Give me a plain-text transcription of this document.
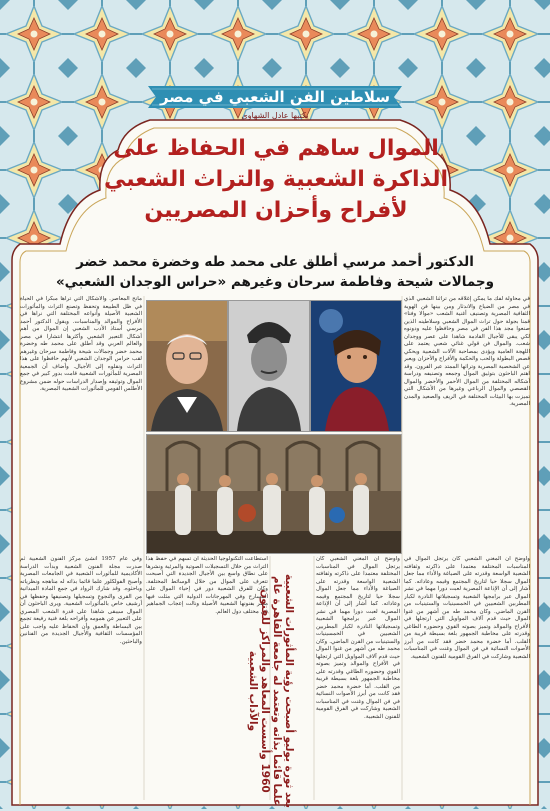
سلاطين الفن الشعبي في مصر
يكتبها عادل الشهاوي
الموال ساهم في الحفاظ على
الذاكرة الشعبية والتراث الشعبي
لأفراح وأحزان المصريين
الدكتور أحمد مرسي أطلق على محمد طه وخضرة محمد خضر
وجمالات شيحة وفاطمة سرحان وغيرهم «حراس الوجدان الشعبي»
في محاولة لفك ما يمكن إغلاقه من تراثنا الشعبي الذي في مصر من الضياع والاندثار ومن بينها فن الهوية الثقافية المصرية وتصنيف أغنية الشعب «موالا وفنا» قمنا بجولة حول تراث الموال الشعبي وسلاطينه الذين صنعوا مجد هذا الفن في مصر وحافظوا عليه ودونوه لكي يبقى للأجيال القادمة شاهدا على عصر ووجدان شعب. والموال فن قولي غنائي شعبي يعتمد على اللهجة العامية ويؤدى بمصاحبة الآلات الشعبية ويحكي قصص البطولة والحب والحكمة والأفراح والأحزان ويعبر عن الشخصية المصرية وتراثها الممتد عبر القرون. وقد اهتم الباحثون بتوثيق الموال وجمعه وتصنيفه ودراسة أشكاله المختلفة من الموال الأحمر والأخضر والموال القصصي والموال الرباعي وغيرها من الأشكال التي تميزت بها البيئات المختلفة في الريف والصعيد والمدن المصرية.
مانح المعاصر. والأشكال التي تراها مبكرا في الحياة في ظل الطبيعة وتحفظ وتصنع التراث والمأثورات الشعبية الأصيلة وأنواعه المختلفة التي نراها في الأفراح والموالد والمناسبات. ويقول الدكتور أحمد مرسي أستاذ الأدب الشعبي إن الموال من أهم أشكال التعبير الشعبي وأكثرها انتشارا في مصر والعالم العربي وقد أطلق على محمد طه وخضرة محمد خضر وجمالات شيحة وفاطمة سرحان وغيرهم لقب حراس الوجدان الشعبي لأنهم حافظوا على هذا التراث ونقلوه إلى الأجيال. وأضاف أن الجمعية المصرية للمأثورات الشعبية قامت بدور كبير في جمع الموال وتوثيقه وإصدار الدراسات حوله ضمن مشروع الأطلس القومي للمأثورات الشعبية المصرية.
وأوضح أن المغني الشعبي كان يرتجل الموال في المناسبات المختلفة معتمدا على ذاكرته وثقافته الشعبية الواسعة وقدرته على الصياغة والأداء مما جعل الموال سجلا حيا لتاريخ المجتمع وقيمه وعاداته. كما أشار إلى أن الإذاعة المصرية لعبت دورا مهما في نشر الموال عبر برامجها الشعبية وتسجيلاتها النادرة لكبار المطربين الشعبيين في الخمسينيات والستينيات من القرن الماضي. وكان محمد طه من أشهر من غنوا الموال حيث قدم آلاف المواويل التي ارتجلها في الأفراح والموالد وتميز بصوته القوي وحضوره الطاغي وقدرته على مخاطبة الجمهور بلغة بسيطة قريبة من القلب. أما خضرة محمد خضر فقد كانت من أبرز الأصوات النسائية في فن الموال وغنت في المناسبات الشعبية وشاركت في الفرق القومية للفنون الشعبية.
استطاعت التكنولوجيا الحديثة أن تسهم في حفظ هذا التراث من خلال التسجيلات الصوتية والمرئية ونشرها على نطاق واسع بين الأجيال الجديدة التي أصبحت تتعرف على الموال من خلال الوسائط المختلفة. وكان للفرق الشعبية دور في إحياء الموال على المسارح وفي المهرجانات الدولية التي مثلت فيها مصر بفنونها الشعبية الأصيلة ونالت إعجاب الجماهير في مختلف دول العالم.
وأوضح أن المغني الشعبي كان يرتجل الموال في المناسبات المختلفة معتمدا على ذاكرته وثقافته الشعبية الواسعة وقدرته على الصياغة والأداء مما جعل الموال سجلا حيا لتاريخ المجتمع وقيمه وعاداته. كما أشار إلى أن الإذاعة المصرية لعبت دورا مهما في نشر الموال عبر برامجها الشعبية وتسجيلاتها النادرة لكبار المطربين الشعبيين في الخمسينيات والستينيات من القرن الماضي. وكان محمد طه من أشهر من غنوا الموال حيث قدم آلاف المواويل التي ارتجلها في الأفراح والموالد وتميز بصوته القوي وحضوره الطاغي وقدرته على مخاطبة الجمهور بلغة بسيطة قريبة من القلب. أما خضرة محمد خضر فقد كانت من أبرز الأصوات النسائية في فن الموال وغنت في المناسبات الشعبية وشاركت في الفرق القومية للفنون الشعبية.
وفي عام 1957 أنشئ مركز الفنون الشعبية ثم صدرت مجلة الفنون الشعبية وبدأت الدراسة الأكاديمية للمأثورات الشعبية في الجامعات المصرية وأصبح الفولكلور علما قائما بذاته له مناهجه ونظرياته وباحثوه. وقد شارك الرواد في جمع المادة الميدانية من القرى والنجوع وتسجيلها وتصنيفها وحفظها في أرشيف خاص بالمأثورات الشعبية. ويرى الباحثون أن الموال سيبقى شاهدا على قدرة الشعب المصري على التعبير عن همومه وأفراحه بلغة فنية رفيعة تجمع بين البساطة والعمق وأن الحفاظ عليه واجب على المؤسسات الثقافية والأجيال الجديدة من الفنانين والباحثين.	بعد ثورة يوليو أصبحت رؤية المأثورات الشعبية علما قائما بذاته وتعتمد له جامعة القاهرة عام 1960 وأسست المعاهد والمراكز للفنون والآداب الشعبية
